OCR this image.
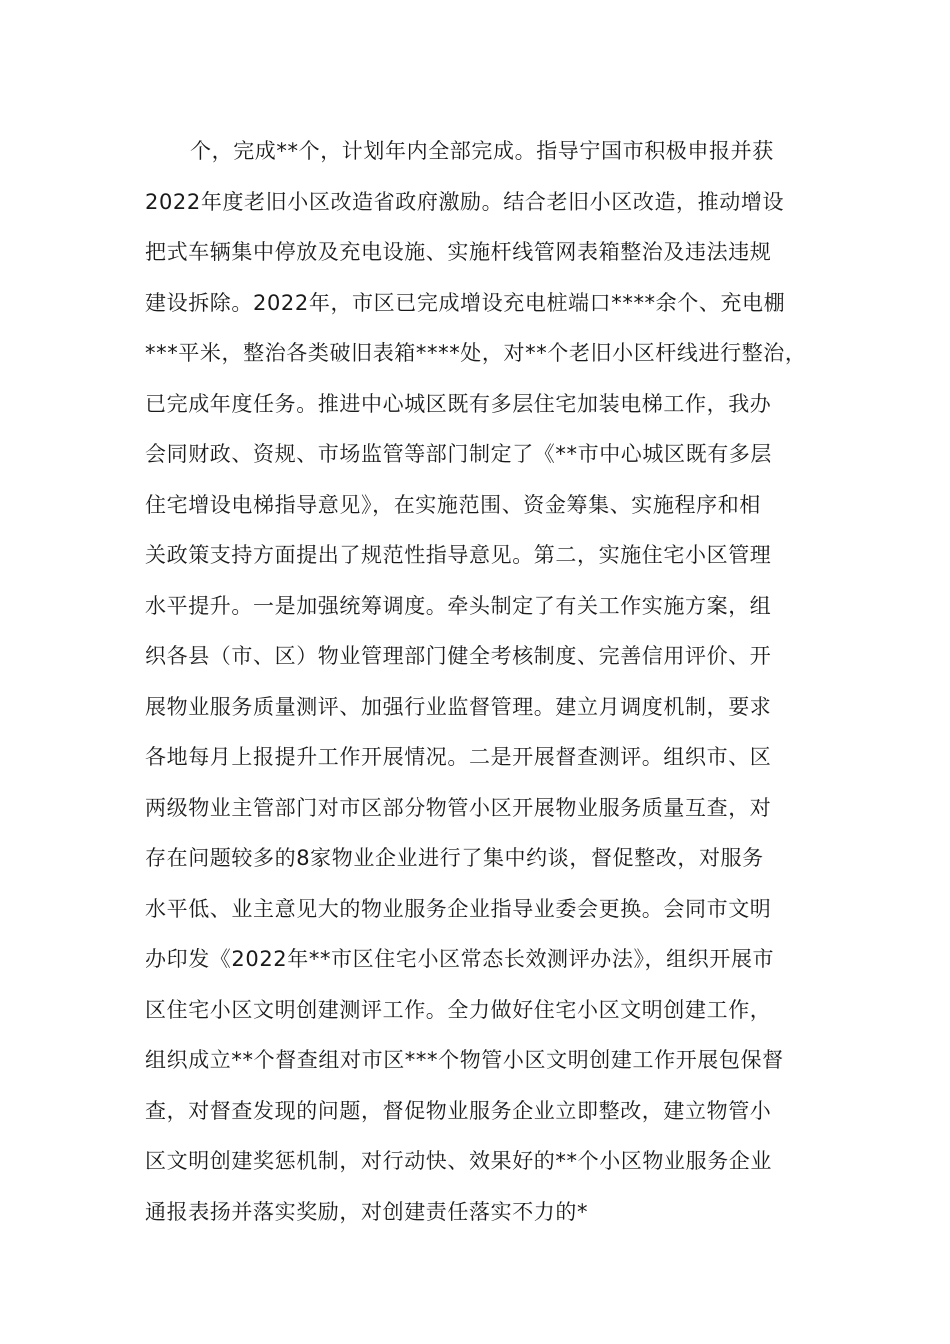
个，完成**个，计划年内全部完成。指导宁国市积极申报并获
2022年度老旧小区改造省政府激励。结合老旧小区改造，推动增设
把式车辆集中停放及充电设施、实施杆线管网表箱整治及违法违规
建设拆除。2022年，市区已完成增设充电桩端口****余个、充电棚
***平米，整治各类破旧表箱****处，对**个老旧小区杆线进行整治，
已完成年度任务。推进中心城区既有多层住宅加装电梯工作，我办
会同财政、资规、市场监管等部门制定了《**市中心城区既有多层
住宅增设电梯指导意见》，在实施范围、资金筹集、实施程序和相
关政策支持方面提出了规范性指导意见。第二，实施住宅小区管理
水平提升。一是加强统筹调度。牵头制定了有关工作实施方案，组
织各县（市、区）物业管理部门健全考核制度、完善信用评价、开
展物业服务质量测评、加强行业监督管理。建立月调度机制，要求
各地每月上报提升工作开展情况。二是开展督查测评。组织市、区
两级物业主管部门对市区部分物管小区开展物业服务质量互查，对
存在问题较多的8家物业企业进行了集中约谈，督促整改，对服务
水平低、业主意见大的物业服务企业指导业委会更换。会同市文明
办印发《2022年**市区住宅小区常态长效测评办法》，组织开展市
区住宅小区文明创建测评工作。全力做好住宅小区文明创建工作，
组织成立**个督查组对市区***个物管小区文明创建工作开展包保督
查，对督查发现的问题，督促物业服务企业立即整改，建立物管小
区文明创建奖惩机制，对行动快、效果好的**个小区物业服务企业
通报表扬并落实奖励，对创建责任落实不力的*
